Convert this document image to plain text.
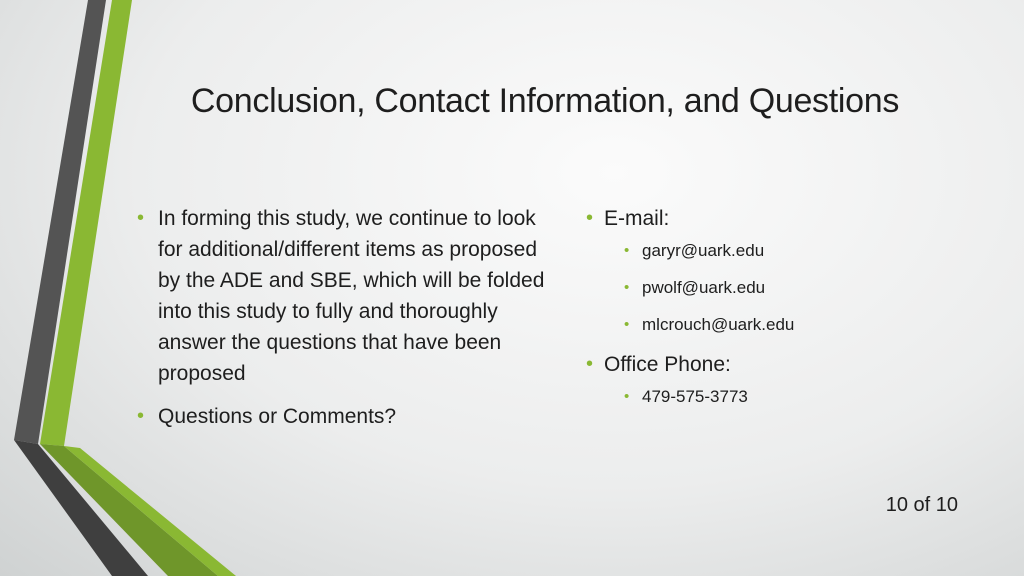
Conclusion, Contact Information, and Questions
• In forming this study, we continue to look for additional/different items as proposed by the ADE and SBE, which will be folded into this study to fully and thoroughly answer the questions that have been proposed
• Questions or Comments?
• E-mail:
• garyr@uark.edu
• pwolf@uark.edu
• mlcrouch@uark.edu
• Office Phone:
• 479-575-3773
10 of 10
